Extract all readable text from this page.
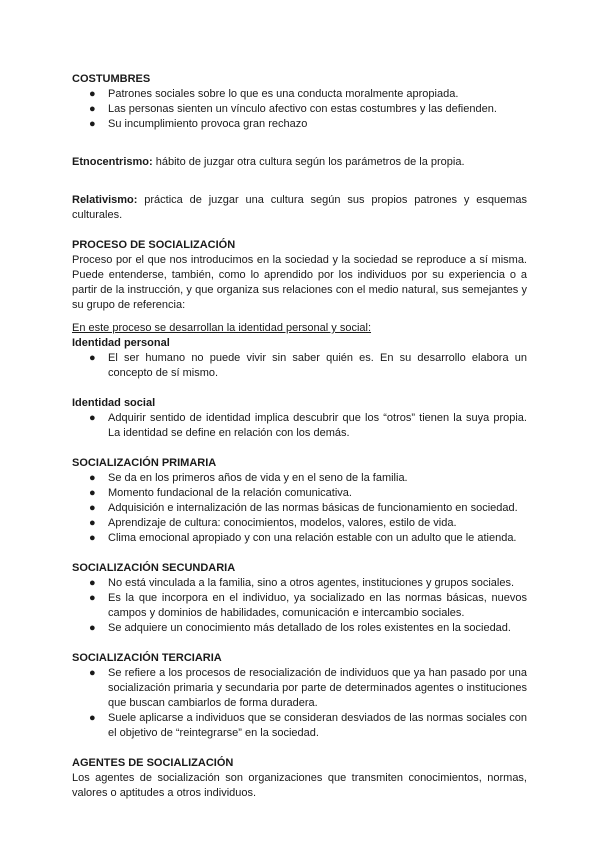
COSTUMBRES

● Patrones sociales sobre lo que es una conducta moralmente apropiada.
● Las personas sienten un vínculo afectivo con estas costumbres y las defienden.
● Su incumplimiento provoca gran rechazo

Etnocentrismo: hábito de juzgar otra cultura según los parámetros de la propia.

Relativismo: práctica de juzgar una cultura según sus propios patrones y esquemas culturales.

PROCESO DE SOCIALIZACIÓN

Proceso por el que nos introducimos en la sociedad y la sociedad se reproduce a sí misma. Puede entenderse, también, como lo aprendido por los individuos por su experiencia o a partir de la instrucción, y que organiza sus relaciones con el medio natural, sus semejantes y su grupo de referencia:

En este proceso se desarrollan la identidad personal y social:

Identidad personal

● El ser humano no puede vivir sin saber quién es. En su desarrollo elabora un concepto de sí mismo.

Identidad social

● Adquirir sentido de identidad implica descubrir que los “otros” tienen la suya propia. La identidad se define en relación con los demás.

SOCIALIZACIÓN PRIMARIA

● Se da en los primeros años de vida y en el seno de la familia.
● Momento fundacional de la relación comunicativa.
● Adquisición e internalización de las normas básicas de funcionamiento en sociedad.
● Aprendizaje de cultura: conocimientos, modelos, valores, estilo de vida.
● Clima emocional apropiado y con una relación estable con un adulto que le atienda.

SOCIALIZACIÓN SECUNDARIA

● No está vinculada a la familia, sino a otros agentes, instituciones y grupos sociales.
● Es la que incorpora en el individuo, ya socializado en las normas básicas, nuevos campos y dominios de habilidades, comunicación e intercambio sociales.
● Se adquiere un conocimiento más detallado de los roles existentes en la sociedad.

SOCIALIZACIÓN TERCIARIA

● Se refiere a los procesos de resocialización de individuos que ya han pasado por una socialización primaria y secundaria por parte de determinados agentes o instituciones que buscan cambiarlos de forma duradera.
● Suele aplicarse a individuos que se consideran desviados de las normas sociales con el objetivo de “reintegrarse” en la sociedad.

AGENTES DE SOCIALIZACIÓN

Los agentes de socialización son organizaciones que transmiten conocimientos, normas, valores o aptitudes a otros individuos.
